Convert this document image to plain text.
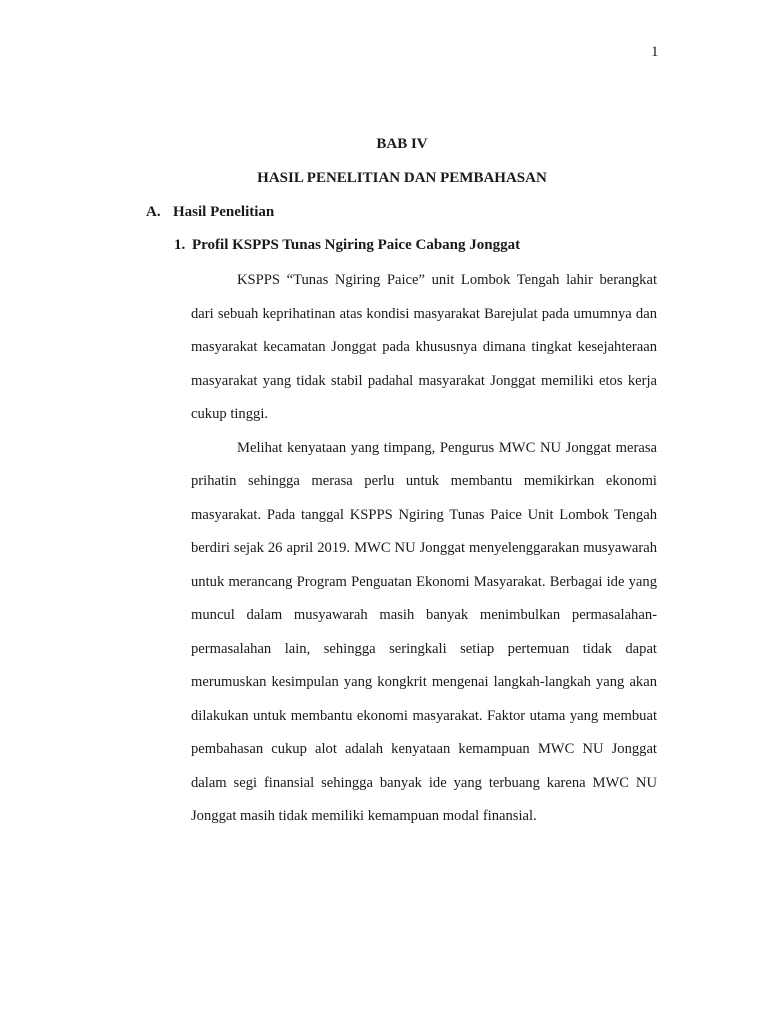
1
BAB IV
HASIL PENELITIAN DAN PEMBAHASAN
A. Hasil Penelitian
1. Profil KSPPS Tunas Ngiring Paice Cabang Jonggat

KSPPS “Tunas Ngiring Paice” unit Lombok Tengah lahir berangkat dari sebuah keprihatinan atas kondisi masyarakat Barejulat pada umumnya dan masyarakat kecamatan Jonggat pada khususnya dimana tingkat kesejahteraan masyarakat yang tidak stabil padahal masyarakat Jonggat memiliki etos kerja cukup tinggi.

Melihat kenyataan yang timpang, Pengurus MWC NU Jonggat merasa prihatin sehingga merasa perlu untuk membantu memikirkan ekonomi masyarakat. Pada tanggal KSPPS Ngiring Tunas Paice Unit Lombok Tengah berdiri sejak 26 april 2019. MWC NU Jonggat menyelenggarakan musyawarah untuk merancang Program Penguatan Ekonomi Masyarakat. Berbagai ide yang muncul dalam musyawarah masih banyak menimbulkan permasalahan-permasalahan lain, sehingga seringkali setiap pertemuan tidak dapat merumuskan kesimpulan yang kongkrit mengenai langkah-langkah yang akan dilakukan untuk membantu ekonomi masyarakat. Faktor utama yang membuat pembahasan cukup alot adalah kenyataan kemampuan MWC NU Jonggat dalam segi finansial sehingga banyak ide yang terbuang karena MWC NU Jonggat masih tidak memiliki kemampuan modal finansial.
